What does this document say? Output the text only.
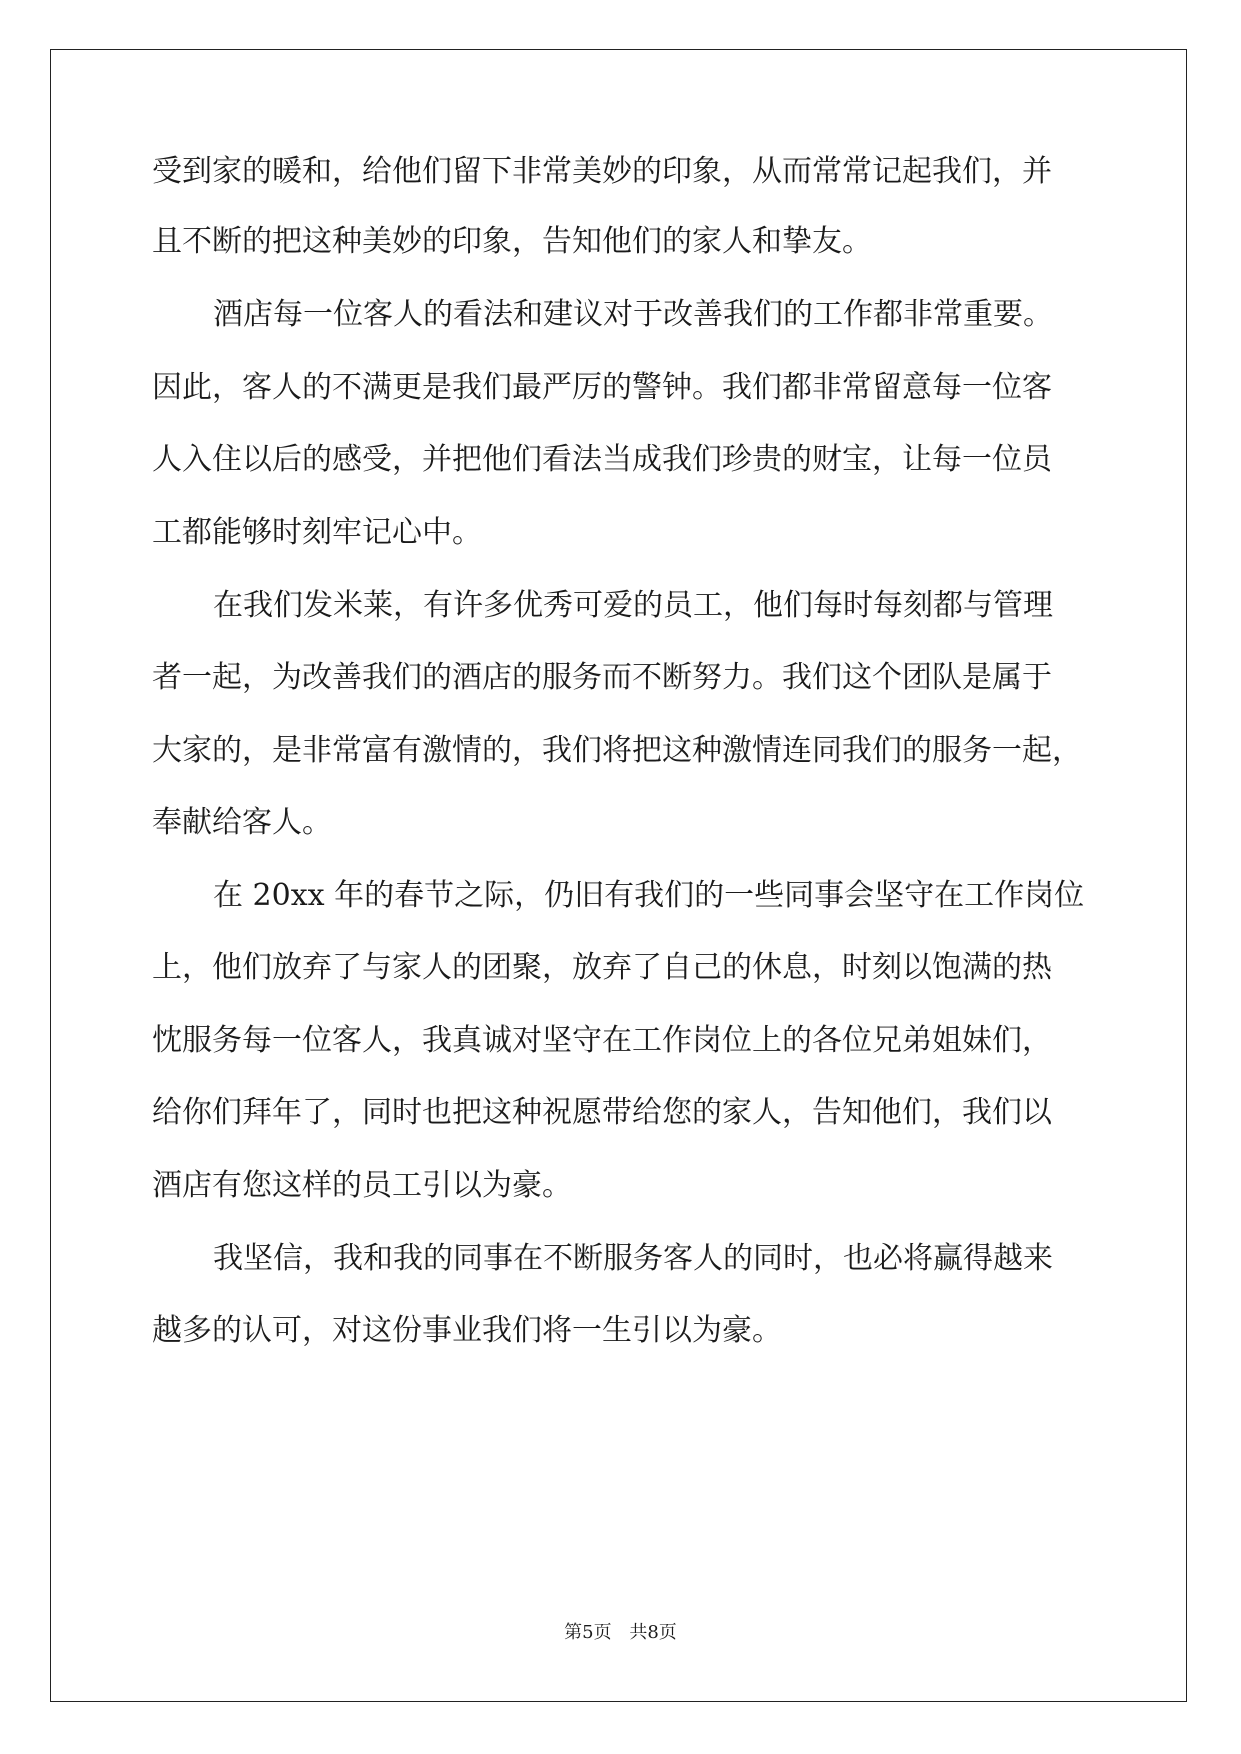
受到家的暖和，给他们留下非常美妙的印象，从而常常记起我们，并
且不断的把这种美妙的印象，告知他们的家人和挚友。
酒店每一位客人的看法和建议对于改善我们的工作都非常重要。
因此，客人的不满更是我们最严厉的警钟。我们都非常留意每一位客
人入住以后的感受，并把他们看法当成我们珍贵的财宝，让每一位员
工都能够时刻牢记心中。
在我们发米莱，有许多优秀可爱的员工，他们每时每刻都与管理
者一起，为改善我们的酒店的服务而不断努力。我们这个团队是属于
大家的，是非常富有激情的，我们将把这种激情连同我们的服务一起，
奉献给客人。
在 20xx 年的春节之际，仍旧有我们的一些同事会坚守在工作岗位
上，他们放弃了与家人的团聚，放弃了自己的休息，时刻以饱满的热
忱服务每一位客人，我真诚对坚守在工作岗位上的各位兄弟姐妹们，
给你们拜年了，同时也把这种祝愿带给您的家人，告知他们，我们以
酒店有您这样的员工引以为豪。
我坚信，我和我的同事在不断服务客人的同时，也必将赢得越来
越多的认可，对这份事业我们将一生引以为豪。
第5页 共8页
